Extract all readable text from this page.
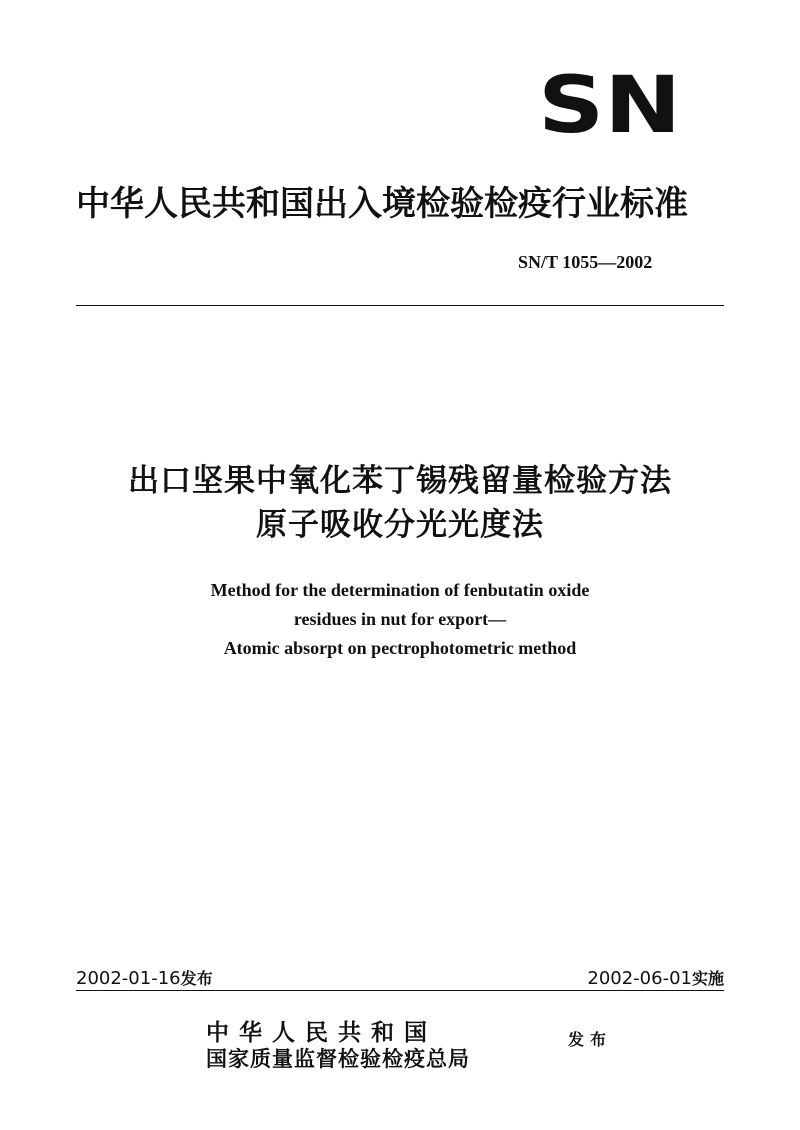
SN
中华人民共和国出入境检验检疫行业标准
SN/T 1055—2002
出口坚果中氧化苯丁锡残留量检验方法
原子吸收分光光度法
Method for the determination of fenbutatin oxide
residues in nut for export—
Atomic absorpt on pectrophotometric method
2002-01-16发布	2002-06-01实施
中华人民共和国
国家质量监督检验检疫总局
发布
